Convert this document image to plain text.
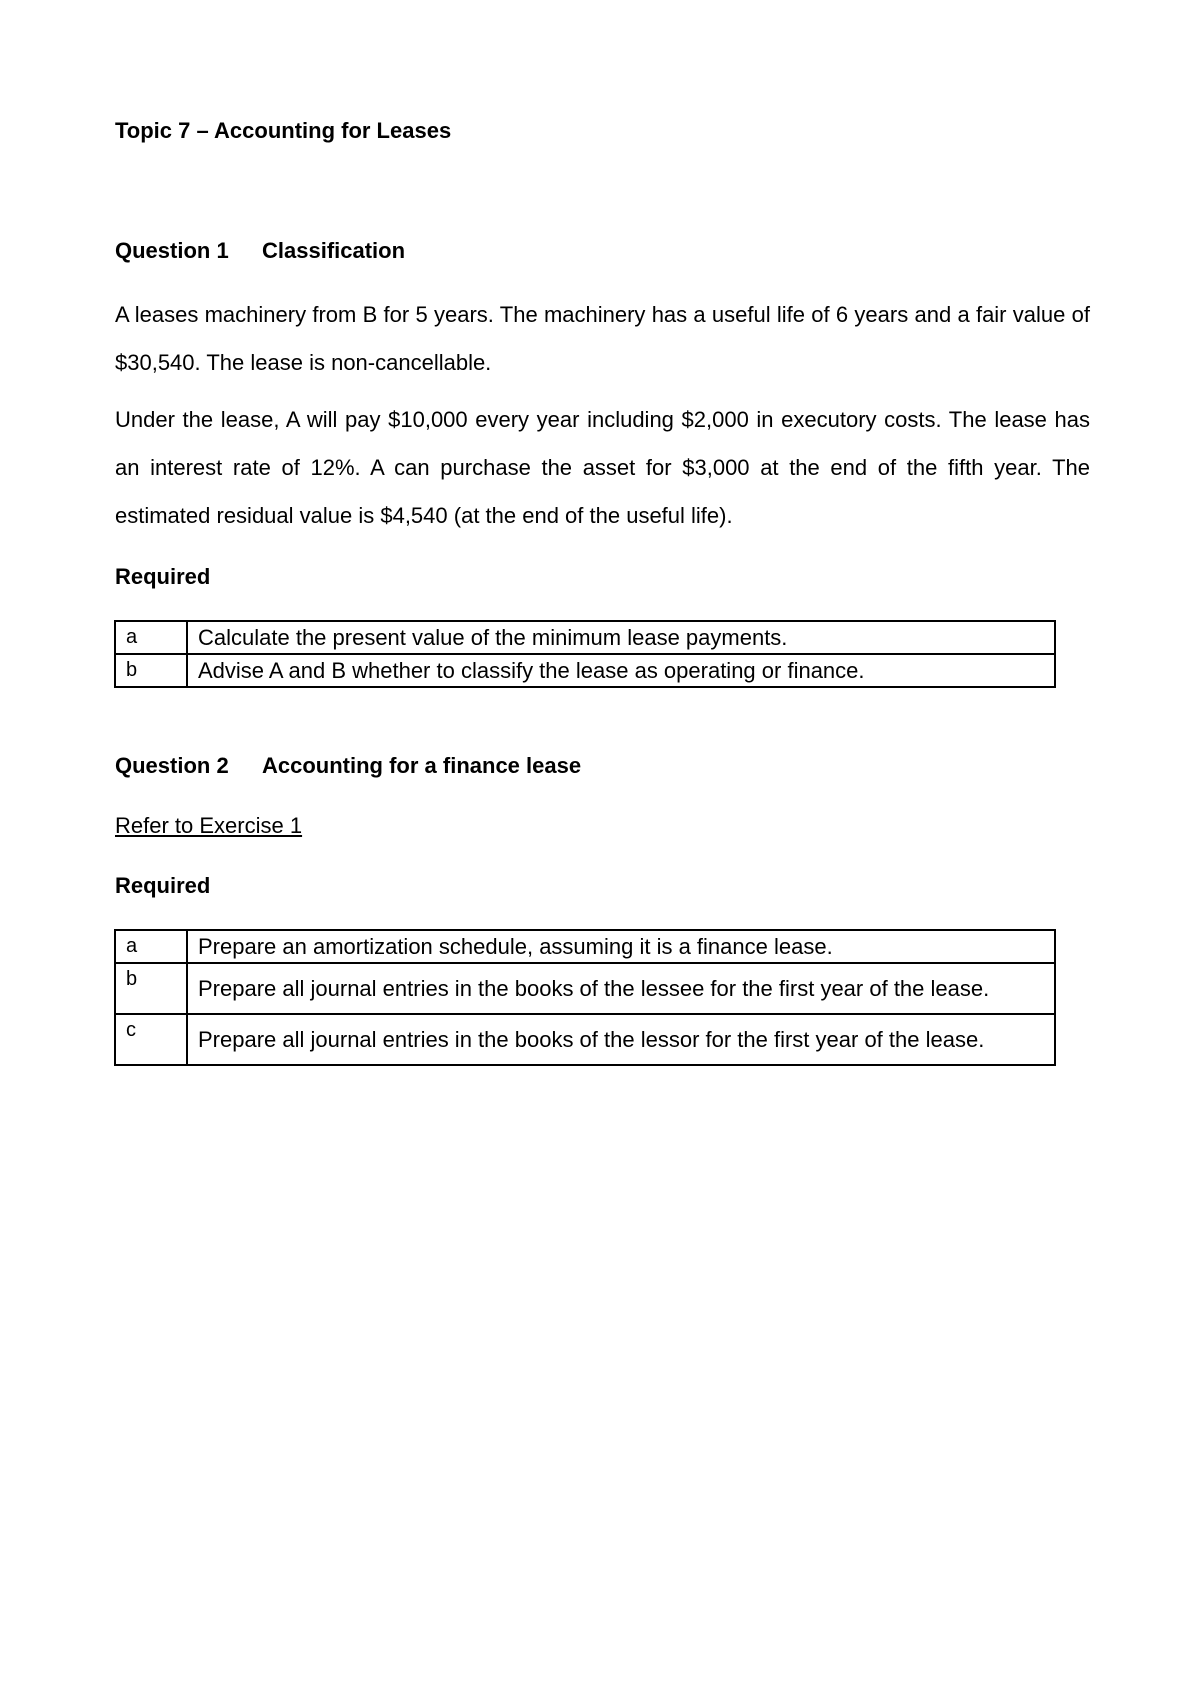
Topic 7 – Accounting for Leases
Question 1 Classification
A leases machinery from B for 5 years. The machinery has a useful life of 6 years and a fair value of $30,540. The lease is non-cancellable.
Under the lease, A will pay $10,000 every year including $2,000 in executory costs. The lease has an interest rate of 12%. A can purchase the asset for $3,000 at the end of the fifth year. The estimated residual value is $4,540 (at the end of the useful life).
Required
a	Calculate the present value of the minimum lease payments.
b	Advise A and B whether to classify the lease as operating or finance.
Question 2 Accounting for a finance lease
Refer to Exercise 1
Required
a	Prepare an amortization schedule, assuming it is a finance lease.
b	Prepare all journal entries in the books of the lessee for the first year of the lease.
c	Prepare all journal entries in the books of the lessor for the first year of the lease.
